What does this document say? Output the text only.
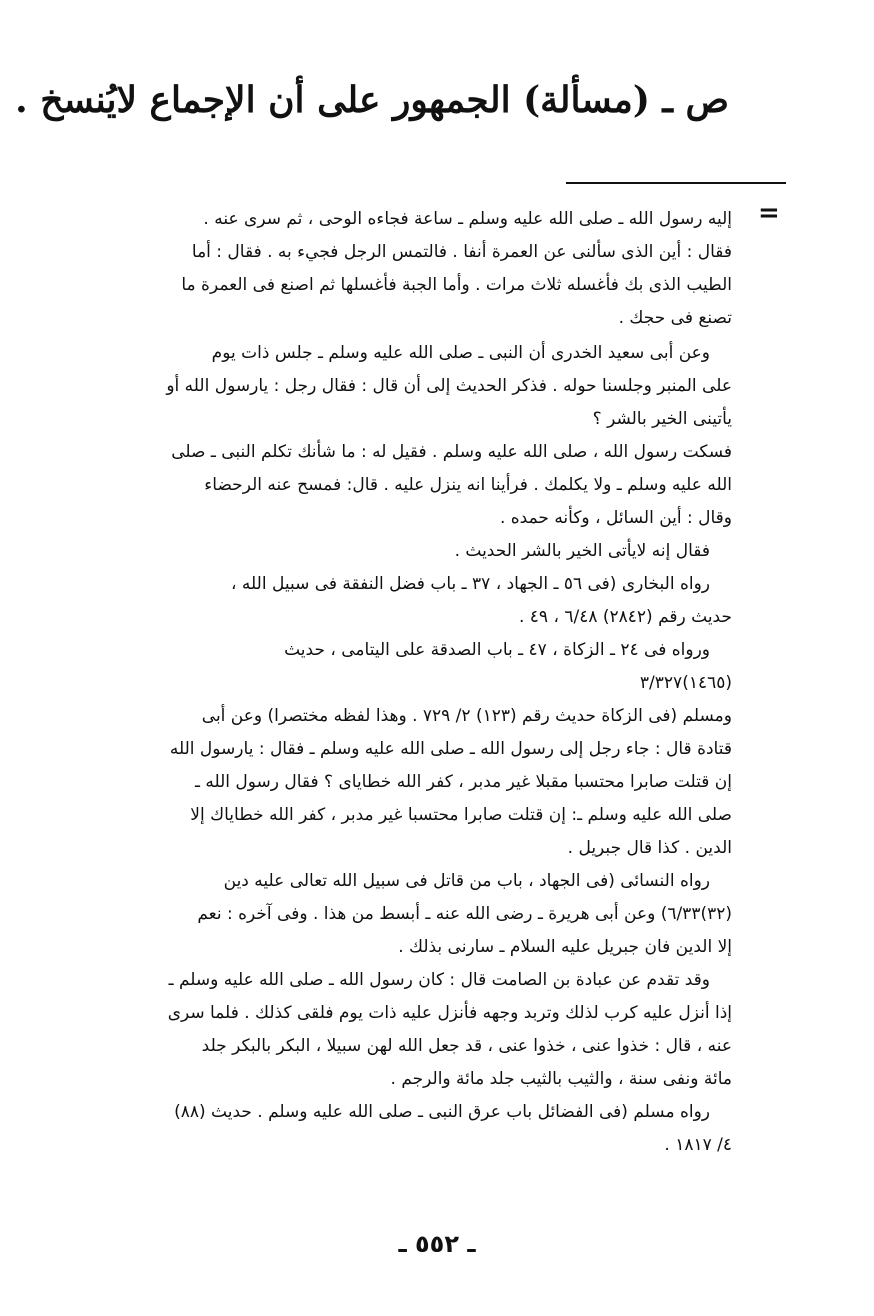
ص ـ (مسألة) الجمهور على أن الإجماع لايُنسخ .
=
إليه رسول الله ـ صلى الله عليه وسلم ـ ساعة فجاءه الوحى ، ثم سرى عنه .
فقال : أين الذى سألنى عن العمرة أنفا . فالتمس الرجل فجيء به . فقال : أما
الطيب الذى بك فأغسله ثلاث مرات . وأما الجبة فأغسلها ثم اصنع فى العمرة ما
تصنع فى حجك .
وعن أبى سعيد الخدرى أن النبى ـ صلى الله عليه وسلم ـ جلس ذات يوم
على المنبر وجلسنا حوله . فذكر الحديث إلى أن قال : فقال رجل : يارسول الله أو
يأتينى الخير بالشر ؟
فسكت رسول الله ، صلى الله عليه وسلم . فقيل له : ما شأنك تكلم النبى ـ صلى
الله عليه وسلم ـ ولا يكلمك . فرأينا انه ينزل عليه . قال: فمسح عنه الرحضاء
وقال : أين السائل ، وكأنه حمده .
فقال إنه لايأتى الخير بالشر الحديث .
رواه البخارى (فى ٥٦ ـ الجهاد ، ٣٧ ـ باب فضل النفقة فى سبيل الله ،
حديث رقم (٢٨٤٢) ٦/٤٨ ، ٤٩ .
ورواه فى ٢٤ ـ الزكاة ، ٤٧ ـ باب الصدقة على اليتامى ، حديث
(١٤٦٥)٣/٣٢٧
ومسلم (فى الزكاة حديث رقم (١٢٣) ٢/ ٧٢٩ . وهذا لفظه مختصرا) وعن أبى
قتادة قال : جاء رجل إلى رسول الله ـ صلى الله عليه وسلم ـ فقال : يارسول الله
إن قتلت صابرا محتسبا مقبلا غير مدبر ، كفر الله خطاياى ؟ فقال رسول الله ـ
صلى الله عليه وسلم ـ: إن قتلت صابرا محتسبا غير مدبر ، كفر الله خطاياك إلا
الدين . كذا قال جبريل .
رواه النسائى (فى الجهاد ، باب من قاتل فى سبيل الله تعالى عليه دين
(٣٢)٦/٣٣) وعن أبى هريرة ـ رضى الله عنه ـ أبسط من هذا . وفى آخره : نعم
إلا الدين فان جبريل عليه السلام ـ سارنى بذلك .
وقد تقدم عن عبادة بن الصامت قال : كان رسول الله ـ صلى الله عليه وسلم ـ
إذا أنزل عليه كرب لذلك وتربد وجهه فأنزل عليه ذات يوم فلقى كذلك . فلما سرى
عنه ، قال : خذوا عنى ، خذوا عنى ، قد جعل الله لهن سبيلا ، البكر بالبكر جلد
مائة ونفى سنة ، والثيب بالثيب جلد مائة والرجم .
رواه مسلم (فى الفضائل باب عرق النبى ـ صلى الله عليه وسلم . حديث (٨٨)
٤/ ١٨١٧ .
ـ ٥٥٢ ـ
